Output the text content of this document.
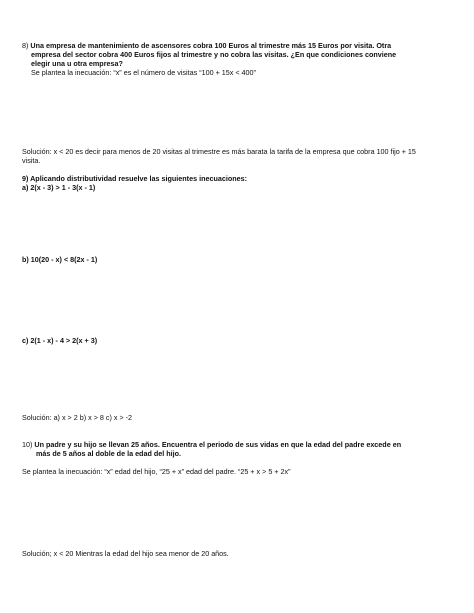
8) Una empresa de mantenimiento de ascensores cobra 100 Euros al trimestre más 15 Euros por visita. Otra
empresa del sector cobra 400 Euros fijos al trimestre y no cobra las visitas. ¿En que condiciones conviene
elegir una u otra empresa?
Se plantea la inecuación: “x” es el número de visitas “100 + 15x < 400”
Solución: x < 20 es decir para menos de 20 visitas al trimestre es más barata la tarifa de la empresa que cobra 100 fijo + 15
visita.
9) Aplicando distributividad resuelve las siguientes inecuaciones:
a) 2(x - 3) > 1 - 3(x - 1)
b) 10(20 - x) < 8(2x - 1)
c) 2(1 - x) - 4 > 2(x + 3)
Solución: a) x > 2 b) x > 8 c) x > -2
10) Un padre y su hijo se llevan 25 años. Encuentra el periodo de sus vidas en que la edad del padre excede en
más de 5 años al doble de la edad del hijo.
Se plantea la inecuación: “x” edad del hijo, “25 + x” edad del padre. “25 + x > 5 + 2x”
Solución; x < 20 Mientras la edad del hijo sea menor de 20 años.
